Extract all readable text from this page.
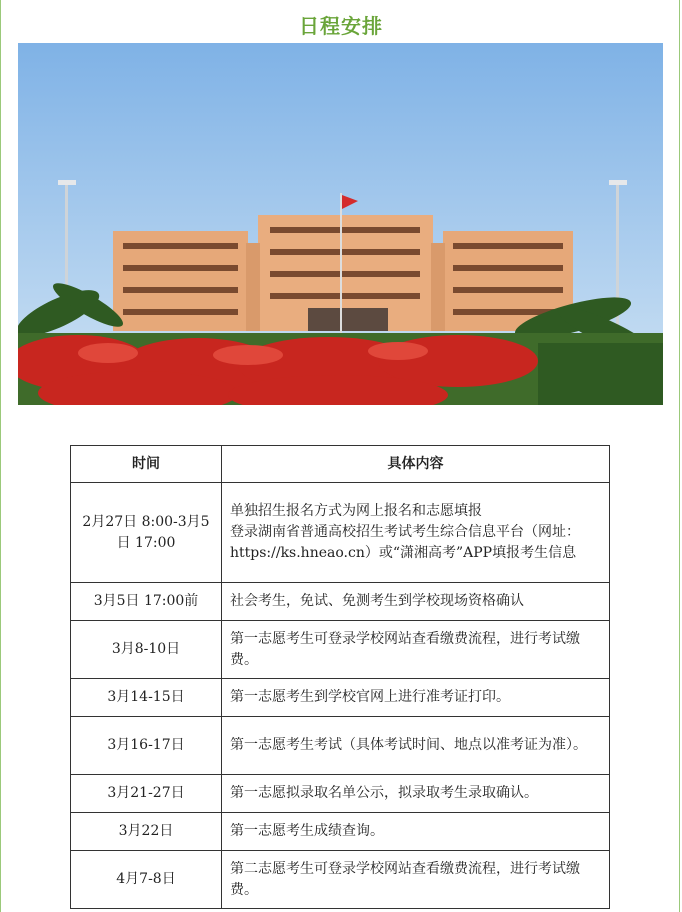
日程安排
时间	具体内容
2月27日 8:00-3月5日 17:00	单独招生报名方式为网上报名和志愿填报
登录湖南省普通高校招生考试考生综合信息平台（网址：https://ks.hneao.cn）或“潇湘高考”APP填报考生信息
3月5日 17:00前	社会考生，免试、免测考生到学校现场资格确认
3月8-10日	第一志愿考生可登录学校网站查看缴费流程，进行考试缴费。
3月14-15日	第一志愿考生到学校官网上进行准考证打印。
3月16-17日	第一志愿考生考试（具体考试时间、地点以准考证为准）。
3月21-27日	第一志愿拟录取名单公示，拟录取考生录取确认。
3月22日	第一志愿考生成绩查询。
4月7-8日	第二志愿考生可登录学校网站查看缴费流程，进行考试缴费。
